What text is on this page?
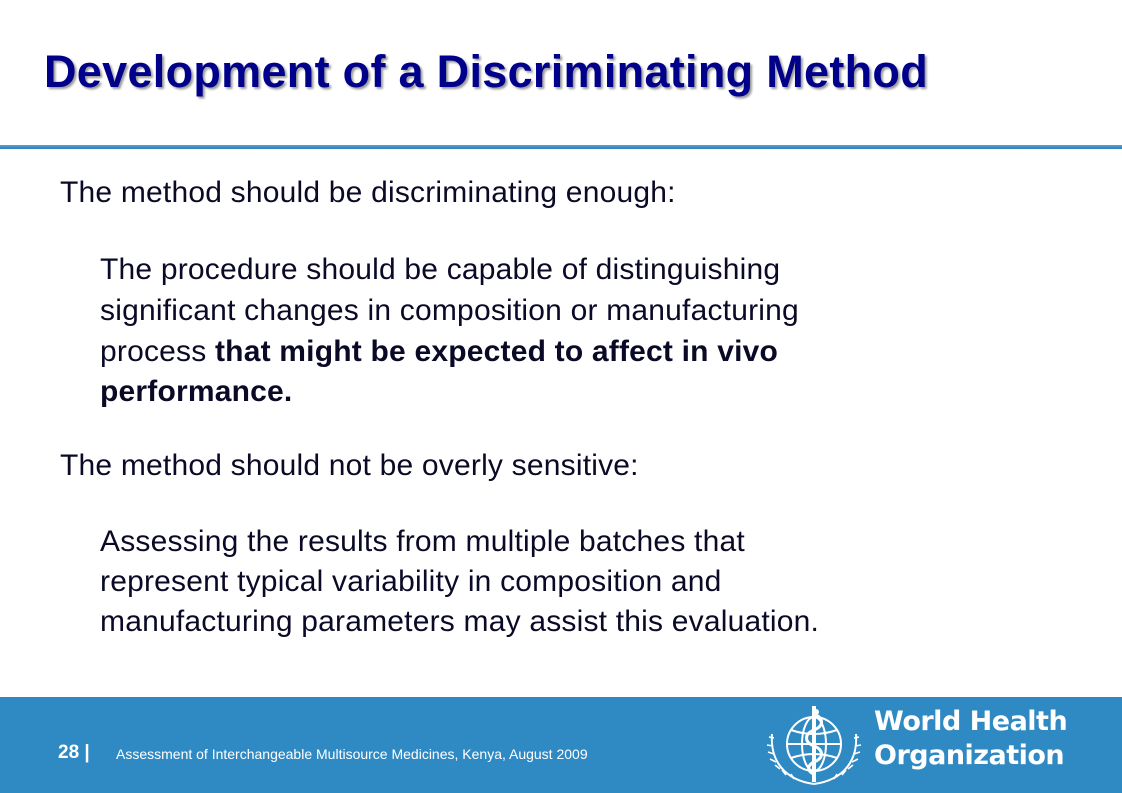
Development of a Discriminating Method

The method should be discriminating enough:

The procedure should be capable of distinguishing

significant changes in composition or manufacturing

process that might be expected to affect in vivo

performance.

The method should not be overly sensitive:

Assessing the results from multiple batches that

represent typical variability in composition and

manufacturing parameters may assist this evaluation.

28 | Assessment of Interchangeable Multisource Medicines, Kenya, August 2009
World Health
Organization
